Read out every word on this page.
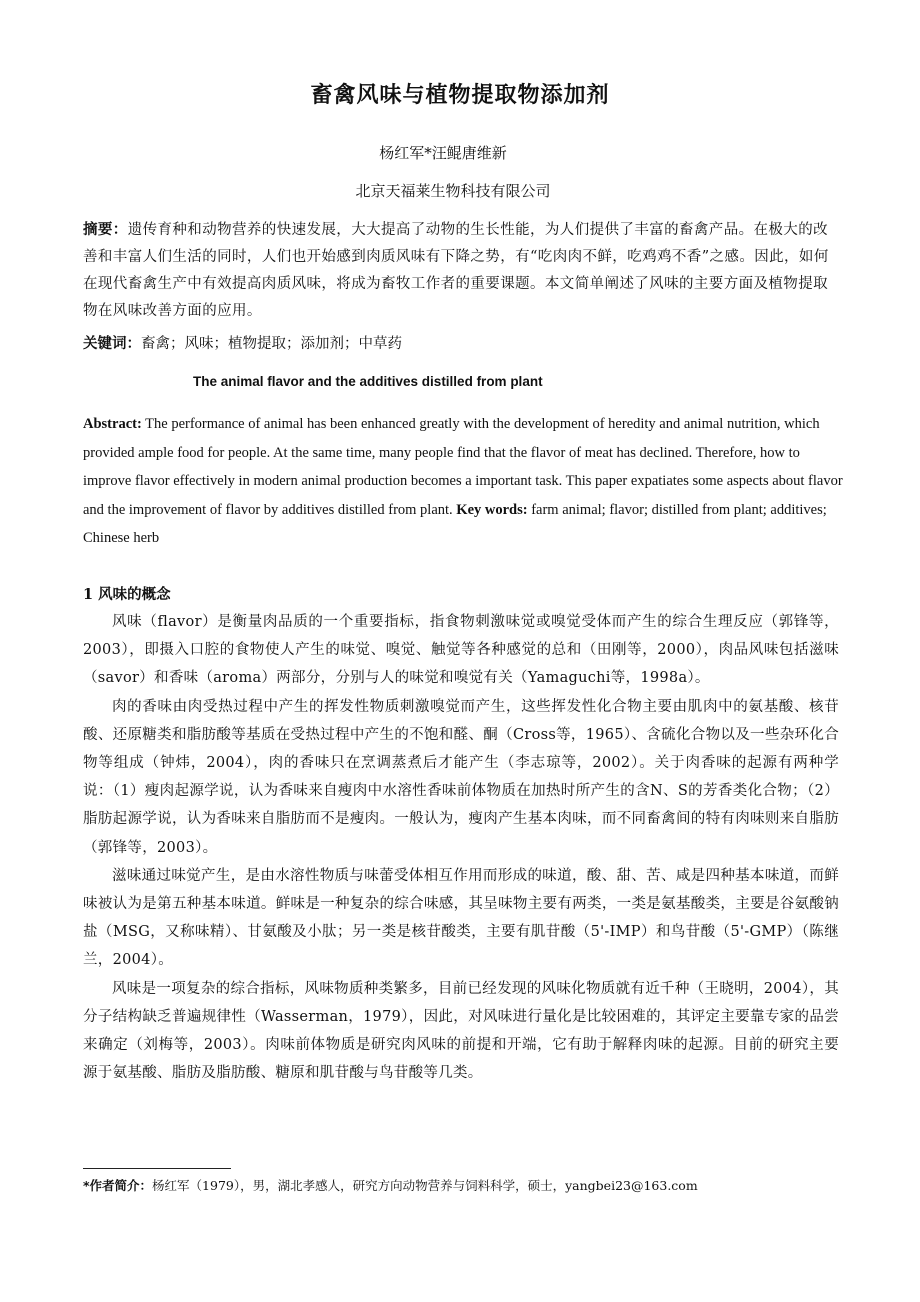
畜禽风味与植物提取物添加剂
杨红军*汪鲲唐维新
北京天福莱生物科技有限公司
摘要：遗传育种和动物营养的快速发展，大大提高了动物的生长性能，为人们提供了丰富的畜禽产品。在极大的改善和丰富人们生活的同时，人们也开始感到肉质风味有下降之势，有“吃肉肉不鲜，吃鸡鸡不香”之感。因此，如何在现代畜禽生产中有效提高肉质风味，将成为畜牧工作者的重要课题。本文简单阐述了风味的主要方面及植物提取物在风味改善方面的应用。
关键词：畜禽；风味；植物提取；添加剂；中草药
The animal flavor and the additives distilled from plant
Abstract: The performance of animal has been enhanced greatly with the development of heredity and animal nutrition, which provided ample food for people. At the same time, many people find that the flavor of meat has declined. Therefore, how to improve flavor effectively in modern animal production becomes a important task. This paper expatiates some aspects about flavor and the improvement of flavor by additives distilled from plant. Key words: farm animal; flavor; distilled from plant; additives; Chinese herb
1 风味的概念

风味（flavor）是衡量肉品质的一个重要指标，指食物刺激味觉或嗅觉受体而产生的综合生理反应（郭锋等，2003），即摄入口腔的食物使人产生的味觉、嗅觉、触觉等各种感觉的总和（田刚等，2000），肉品风味包括滋味（savor）和香味（aroma）两部分，分别与人的味觉和嗅觉有关（Yamaguchi等，1998a）。

肉的香味由肉受热过程中产生的挥发性物质刺激嗅觉而产生，这些挥发性化合物主要由肌肉中的氨基酸、核苷酸、还原糖类和脂肪酸等基质在受热过程中产生的不饱和醛、酮（Cross等，1965）、含硫化合物以及一些杂环化合物等组成（钟炜，2004），肉的香味只在烹调蒸煮后才能产生（李志琼等，2002）。关于肉香味的起源有两种学说：（1）瘦肉起源学说，认为香味来自瘦肉中水溶性香味前体物质在加热时所产生的含N、S的芳香类化合物；（2）脂肪起源学说，认为香味来自脂肪而不是瘦肉。一般认为，瘦肉产生基本肉味，而不同畜禽间的特有肉味则来自脂肪（郭锋等，2003）。

滋味通过味觉产生，是由水溶性物质与味蕾受体相互作用而形成的味道，酸、甜、苦、咸是四种基本味道，而鲜味被认为是第五种基本味道。鲜味是一种复杂的综合味感，其呈味物主要有两类，一类是氨基酸类，主要是谷氨酸钠盐（MSG，又称味精）、甘氨酸及小肽；另一类是核苷酸类，主要有肌苷酸（5'-IMP）和鸟苷酸（5'-GMP）（陈继兰，2004）。

风味是一项复杂的综合指标，风味物质种类繁多，目前已经发现的风味化物质就有近千种（王晓明，2004），其分子结构缺乏普遍规律性（Wasserman，1979），因此，对风味进行量化是比较困难的，其评定主要靠专家的品尝来确定（刘梅等，2003）。肉味前体物质是研究肉风味的前提和开端，它有助于解释肉味的起源。目前的研究主要源于氨基酸、脂肪及脂肪酸、糖原和肌苷酸与鸟苷酸等几类。

*作者简介：杨红军（1979），男，湖北孝感人，研究方向动物营养与饲料科学，硕士，yangbei23@163.com
